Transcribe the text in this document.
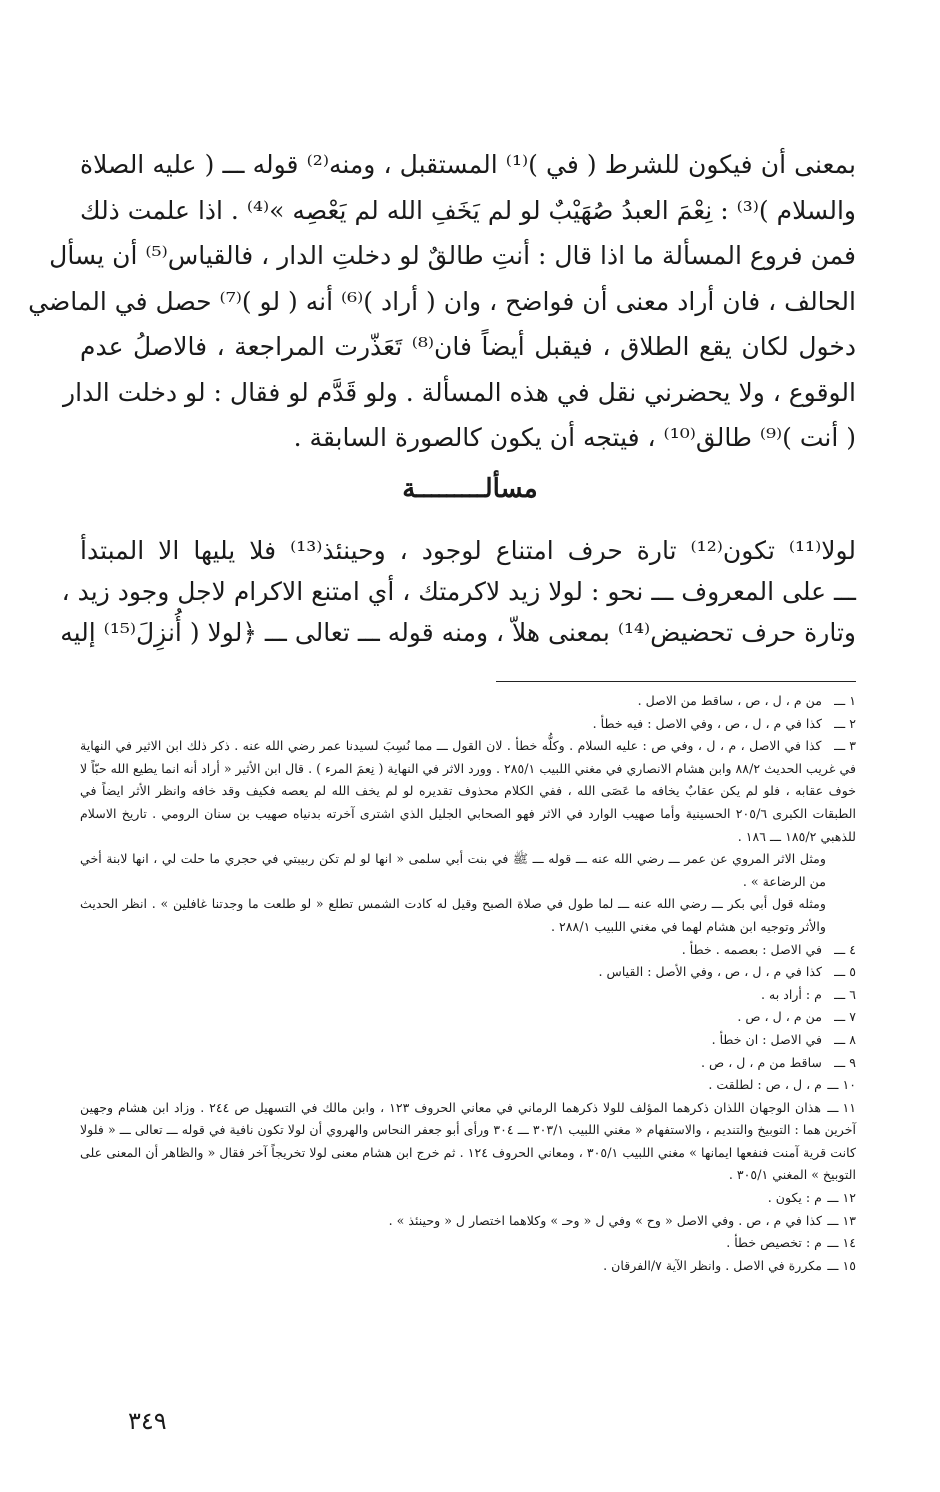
بمعنى أن فيكون للشرط ( في )⁽¹⁾ المستقبل ، ومنه⁽²⁾ قوله ـــ ( عليه الصلاة
والسلام )⁽³⁾ : نِعْمَ العبدُ صُهَيْبٌ لو لم يَخَفِ الله لم يَعْصِه »⁽⁴⁾ . اذا علمت ذلك
فمن فروع المسألة ما اذا قال : أنتِ طالقٌ لو دخلتِ الدار ، فالقياس⁽⁵⁾ أن يسأل
الحالف ، فان أراد معنى أن فواضح ، وان ( أراد )⁽⁶⁾ أنه ( لو )⁽⁷⁾ حصل في الماضي
دخول لكان يقع الطلاق ، فيقبل أيضاً فان⁽⁸⁾ تَعَذّرت المراجعة ، فالاصلُ عدم
الوقوع ، ولا يحضرني نقل في هذه المسألة . ولو قَدَّم لو فقال : لو دخلت الدار
( أنت )⁽⁹⁾ طالق⁽¹⁰⁾ ، فيتجه أن يكون كالصورة السابقة .
مسألـــــــــة
لولا⁽¹¹⁾ تكون⁽¹²⁾ تارة حرف امتناع لوجود ، وحينئذ⁽¹³⁾ فلا يليها الا المبتدأ
ـــ على المعروف ـــ نحو : لولا زيد لاكرمتك ، أي امتنع الاكرام لاجل وجود زيد ،
وتارة حرف تحضيض⁽¹⁴⁾ بمعنى هلاّ ، ومنه قوله ـــ تعالى ـــ ﴿لولا ( أُنزِلَ⁽¹⁵⁾ إليه
١ ـــ من م ، ل ، ص ، ساقط من الاصل .
٢ ـــ كذا في م ، ل ، ص ، وفي الاصل : فيه خطأ .
٣ ـــ كذا في الاصل ، م ، ل ، وفي ص : عليه السلام . وكلُّه خطأ . لان القول ـــ مما نُسِبَ لسيدنا عمر رضي الله عنه . ذكر ذلك ابن الاثير في النهاية في غريب الحديث ٨٨/٢ وابن هشام الانصاري في مغني اللبيب ٢٨٥/١ . وورد الاثر في النهاية ( نِعمَ المرء ) . قال ابن الأثير « أراد أنه انما يطيع الله حبّاً لا خوف عقابه ، فلو لم يكن عقابٌ يخافه ما عَصَى الله ، ففي الكلام محذوف تقديره لو لم يخف الله لم يعصه فكيف وقد خافه وانظر الأثر ايضاً في الطبقات الكبرى ٢٠٥/٦ الحسينية وأما صهيب الوارد في الاثر فهو الصحابي الجليل الذي اشترى آخرته بدنياه صهيب بن سنان الرومي . تاريخ الاسلام للذهبي ١٨٥/٢ ـــ ١٨٦ .
ومثل الاثر المروي عن عمر ـــ رضي الله عنه ـــ قوله ـــ ﷺ في بنت أبي سلمى « انها لو لم تكن ربيبتي في حجري ما حلت لي ، انها لابنة أخي من الرضاعة » .
ومثله قول أبي بكر ـــ رضي الله عنه ـــ لما طول في صلاة الصبح وقيل له كادت الشمس تطلع « لو طلعت ما وجدتنا غافلين » . انظر الحديث والأثر وتوجيه ابن هشام لهما في مغني اللبيب ٢٨٨/١ .
٤ ـــ في الاصل : بعصمه . خطأ .
٥ ـــ كذا في م ، ل ، ص ، وفي الأصل : القياس .
٦ ـــ م : أراد به .
٧ ـــ من م ، ل ، ص .
٨ ـــ في الاصل : ان خطأ .
٩ ـــ ساقط من م ، ل ، ص .
١٠ ـــ م ، ل ، ص : لطلقت .
١١ ـــ هذان الوجهان اللذان ذكرهما المؤلف للولا ذكرهما الرماني في معاني الحروف ١٢٣ ، وابن مالك في التسهيل ص ٢٤٤ . وزاد ابن هشام وجهين آخرين هما : التوبيخ والتنديم ، والاستفهام « مغني اللبيب ٣٠٣/١ ـــ ٣٠٤ ورأى أبو جعفر النحاس والهروي أن لولا تكون نافية في قوله ـــ تعالى ـــ « فلولا كانت قرية آمنت فنفعها ايمانها » مغني اللبيب ٣٠٥/١ ، ومعاني الحروف ١٢٤ . ثم خرج ابن هشام معنى لولا تخريجاً آخر فقال « والظاهر أن المعنى على التوبيخ » المغني ٣٠٥/١ .
١٢ ـــ م : يكون .
١٣ ـــ كذا في م ، ص . وفي الاصل « وح » وفي ل « وحـ » وكلاهما اختصار ل « وحينئذ » .
١٤ ـــ م : تخصيص خطأ .
١٥ ـــ مكررة في الاصل . وانظر الآية ٧/الفرقان .
٣٤٩
